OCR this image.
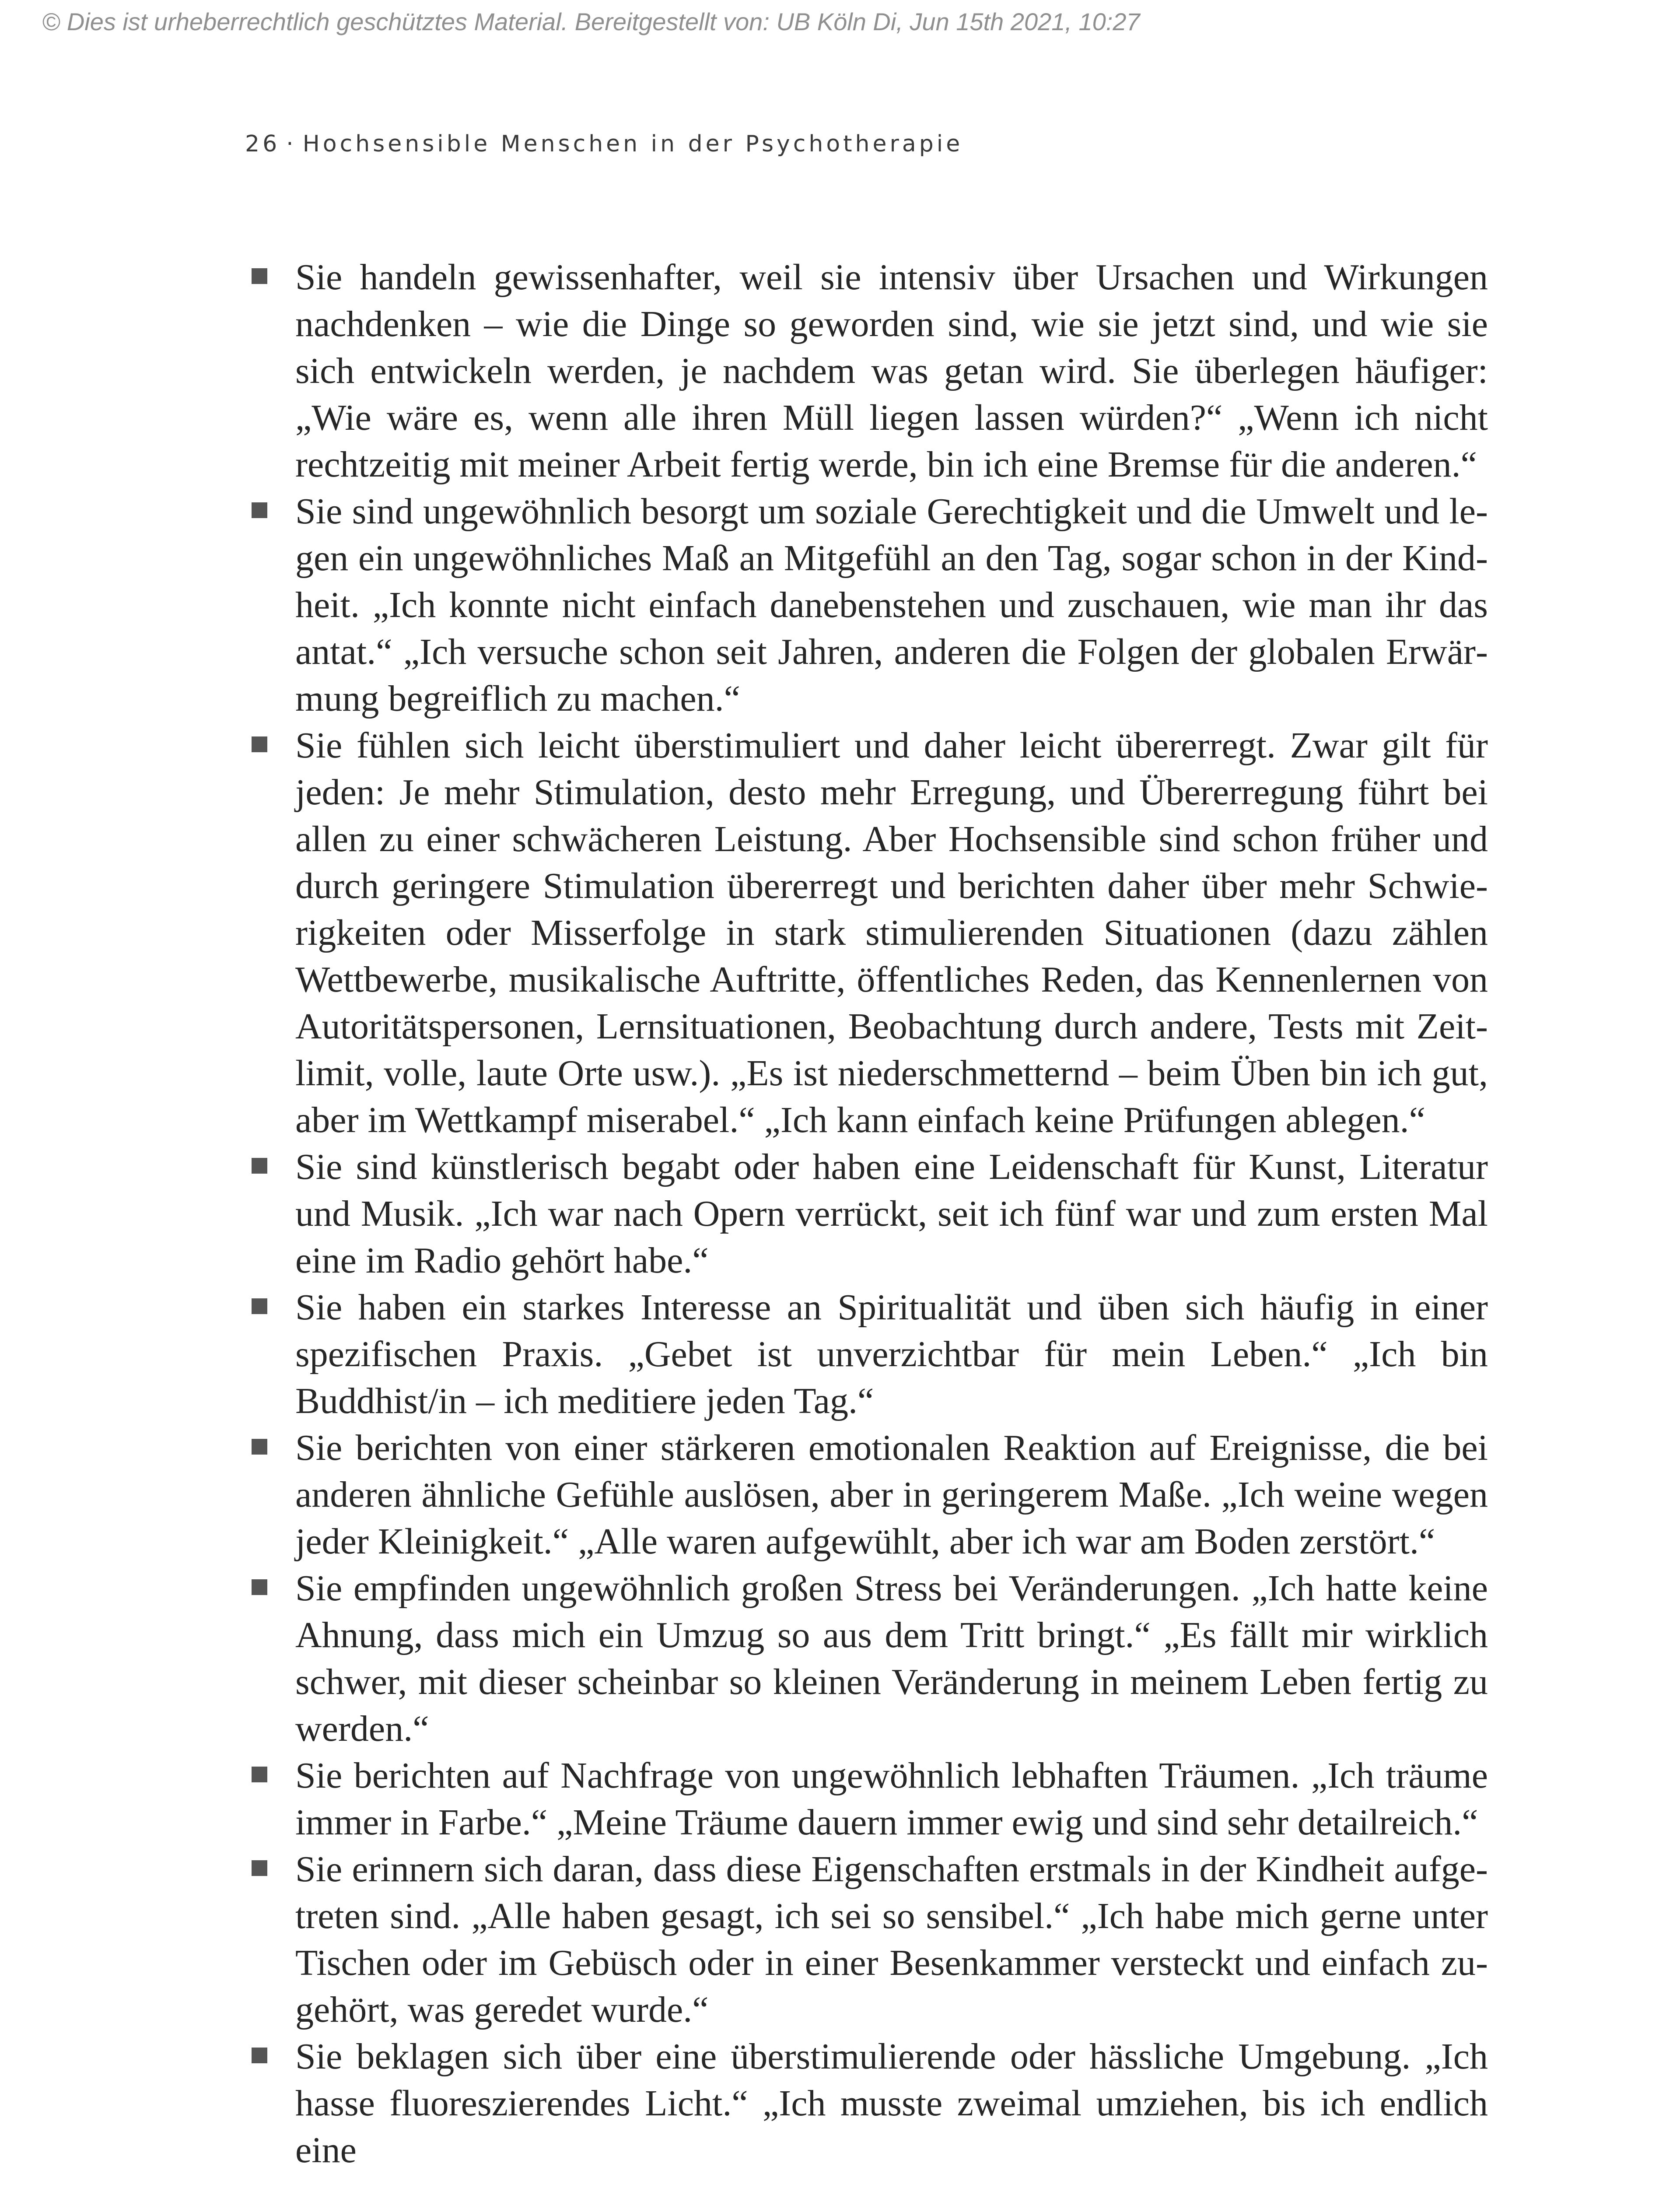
© Dies ist urheberrechtlich geschütztes Material. Bereitgestellt von: UB Köln Di, Jun 15th 2021, 10:27
26 · Hochsensible Menschen in der Psychotherapie
Sie handeln gewissenhafter, weil sie intensiv über Ursachen und Wirkungen nachdenken – wie die Dinge so geworden sind, wie sie jetzt sind, und wie sie sich entwickeln werden, je nachdem was getan wird. Sie überlegen häufiger: „Wie wäre es, wenn alle ihren Müll liegen lassen würden?“ „Wenn ich nicht rechtzeitig mit meiner Arbeit fertig werde, bin ich eine Bremse für die anderen.“
Sie sind ungewöhnlich besorgt um soziale Gerechtigkeit und die Umwelt und legen ein ungewöhnliches Maß an Mitgefühl an den Tag, sogar schon in der Kindheit. „Ich konnte nicht einfach danebenstehen und zuschauen, wie man ihr das antat.“ „Ich versuche schon seit Jahren, anderen die Folgen der globalen Erwärmung begreiflich zu machen.“
Sie fühlen sich leicht überstimuliert und daher leicht übererregt. Zwar gilt für jeden: Je mehr Stimulation, desto mehr Erregung, und Übererregung führt bei allen zu einer schwächeren Leistung. Aber Hochsensible sind schon früher und durch geringere Stimulation übererregt und berichten daher über mehr Schwierigkeiten oder Misserfolge in stark stimulierenden Situationen (dazu zählen Wettbewerbe, musikalische Auftritte, öffentliches Reden, das Kennenlernen von Autoritätspersonen, Lernsituationen, Beobachtung durch andere, Tests mit Zeitlimit, volle, laute Orte usw.). „Es ist niederschmetternd – beim Üben bin ich gut, aber im Wettkampf miserabel.“ „Ich kann einfach keine Prüfungen ablegen.“
Sie sind künstlerisch begabt oder haben eine Leidenschaft für Kunst, Literatur und Musik. „Ich war nach Opern verrückt, seit ich fünf war und zum ersten Mal eine im Radio gehört habe.“
Sie haben ein starkes Interesse an Spiritualität und üben sich häufig in einer spezifischen Praxis. „Gebet ist unverzichtbar für mein Leben.“ „Ich bin Buddhist/in – ich meditiere jeden Tag.“
Sie berichten von einer stärkeren emotionalen Reaktion auf Ereignisse, die bei anderen ähnliche Gefühle auslösen, aber in geringerem Maße. „Ich weine wegen jeder Kleinigkeit.“ „Alle waren aufgewühlt, aber ich war am Boden zerstört.“
Sie empfinden ungewöhnlich großen Stress bei Veränderungen. „Ich hatte keine Ahnung, dass mich ein Umzug so aus dem Tritt bringt.“ „Es fällt mir wirklich schwer, mit dieser scheinbar so kleinen Veränderung in meinem Leben fertig zu werden.“
Sie berichten auf Nachfrage von ungewöhnlich lebhaften Träumen. „Ich träume immer in Farbe.“ „Meine Träume dauern immer ewig und sind sehr detailreich.“
Sie erinnern sich daran, dass diese Eigenschaften erstmals in der Kindheit aufgetreten sind. „Alle haben gesagt, ich sei so sensibel.“ „Ich habe mich gerne unter Tischen oder im Gebüsch oder in einer Besenkammer versteckt und einfach zugehört, was geredet wurde.“
Sie beklagen sich über eine überstimulierende oder hässliche Umgebung. „Ich hasse fluoreszierendes Licht.“ „Ich musste zweimal umziehen, bis ich endlich eine
